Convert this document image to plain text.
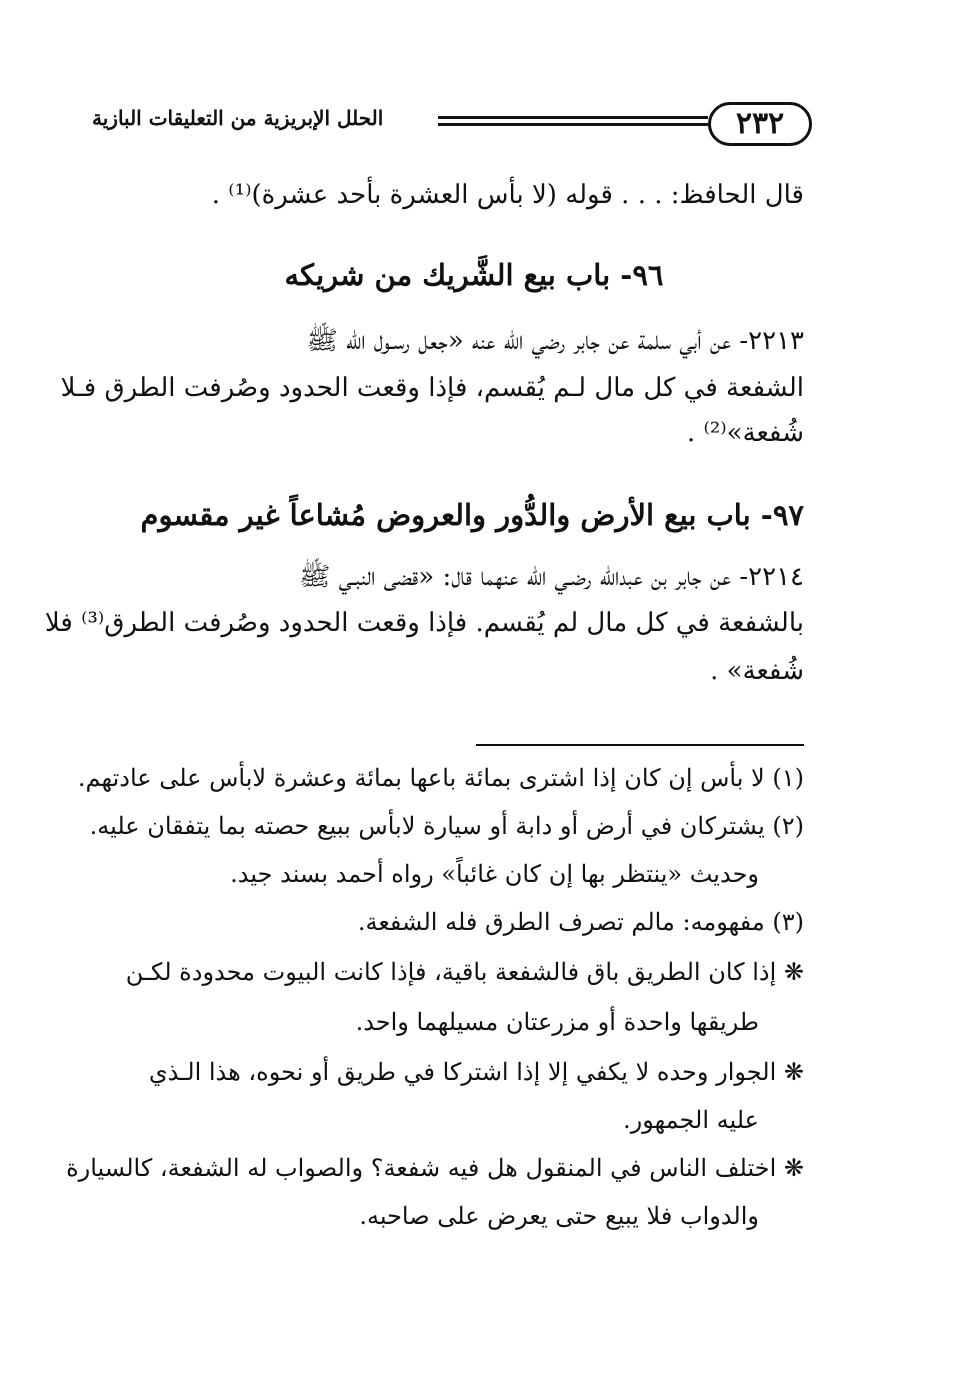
٢٣٢
الحلل الإبريزية من التعليقات البازية
قال الحافظ: . . . قوله (لا بأس العشرة بأحد عشرة)⁽¹⁾ .
٩٦- باب بيع الشَّريك من شريكه
٢٢١٣- عن أبي سلمة عن جابر رضي الله عنه «جعل رسـول الله ﷺ
الشفعة في كل مال لـم يُقسم، فإذا وقعت الحدود وصُرفت الطرق فـلا
شُفعة»⁽²⁾ .
٩٧- باب بيع الأرض والدُّور والعروض مُشاعاً غير مقسوم
٢٢١٤- عن جابر بن عبدالله رضـي الله عنهما قال: «قضى النبـي ﷺ
بالشفعة في كل مال لم يُقسم. فإذا وقعت الحدود وصُرفت الطرق⁽³⁾ فلا
شُفعة» .
(١) لا بأس إن كان إذا اشترى بمائة باعها بمائة وعشرة لابأس على عادتهم.
(٢) يشتركان في أرض أو دابة أو سيارة لابأس ببيع حصته بما يتفقان عليه.
وحديث «ينتظر بها إن كان غائباً» رواه أحمد بسند جيد.
(٣) مفهومه: مالم تصرف الطرق فله الشفعة.
❋ إذا كان الطريق باق فالشفعة باقية، فإذا كانت البيوت محدودة لكـن
طريقها واحدة أو مزرعتان مسيلهما واحد.
❋ الجوار وحده لا يكفي إلا إذا اشتركا في طريق أو نحوه، هذا الـذي
عليه الجمهور.
❋ اختلف الناس في المنقول هل فيه شفعة؟ والصواب له الشفعة، كالسيارة
والدواب فلا يبيع حتى يعرض على صاحبه.
